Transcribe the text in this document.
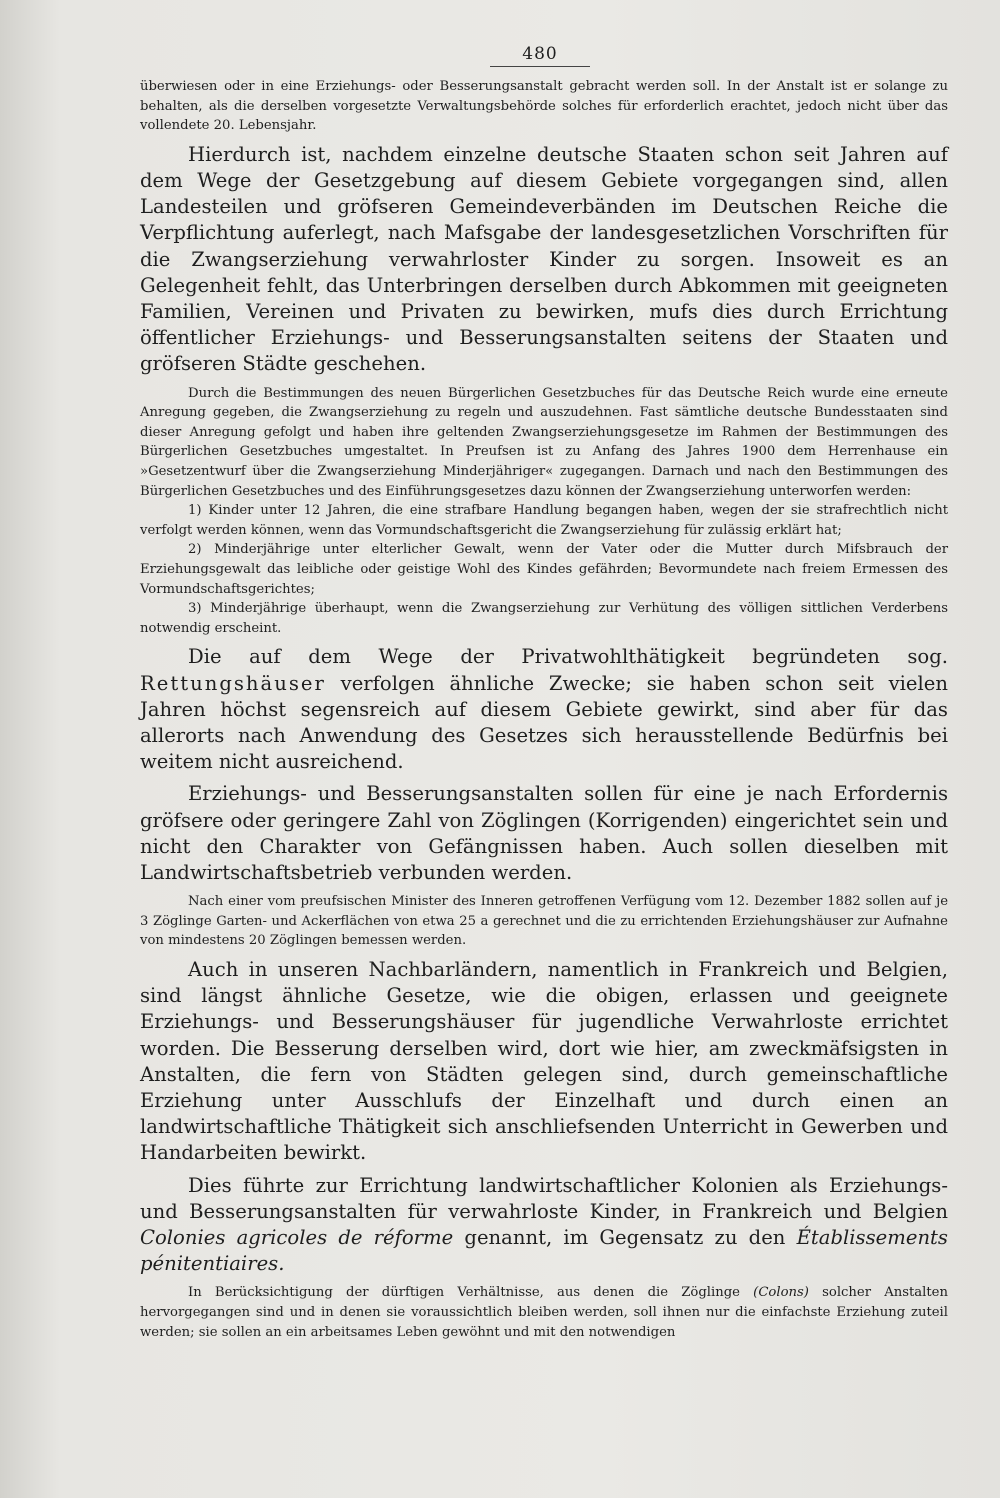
480

überwiesen oder in eine Erziehungs- oder Besserungsanstalt gebracht werden soll. In der Anstalt ist er solange zu behalten, als die derselben vorgesetzte Verwaltungsbehörde solches für erforderlich erachtet, jedoch nicht über das vollendete 20. Lebensjahr.

Hierdurch ist, nachdem einzelne deutsche Staaten schon seit Jahren auf dem Wege der Gesetzgebung auf diesem Gebiete vorgegangen sind, allen Landesteilen und gröfseren Gemeindeverbänden im Deutschen Reiche die Verpflichtung auferlegt, nach Mafsgabe der landesgesetzlichen Vorschriften für die Zwangserziehung verwahrloster Kinder zu sorgen. Insoweit es an Gelegenheit fehlt, das Unterbringen derselben durch Abkommen mit geeigneten Familien, Vereinen und Privaten zu bewirken, mufs dies durch Errichtung öffentlicher Erziehungs- und Besserungsanstalten seitens der Staaten und gröfseren Städte geschehen.

Durch die Bestimmungen des neuen Bürgerlichen Gesetzbuches für das Deutsche Reich wurde eine erneute Anregung gegeben, die Zwangserziehung zu regeln und auszudehnen. Fast sämtliche deutsche Bundesstaaten sind dieser Anregung gefolgt und haben ihre geltenden Zwangserziehungsgesetze im Rahmen der Bestimmungen des Bürgerlichen Gesetzbuches umgestaltet. In Preufsen ist zu Anfang des Jahres 1900 dem Herrenhause ein »Gesetzentwurf über die Zwangserziehung Minderjähriger« zugegangen. Darnach und nach den Bestimmungen des Bürgerlichen Gesetzbuches und des Einführungsgesetzes dazu können der Zwangserziehung unterworfen werden:

1) Kinder unter 12 Jahren, die eine strafbare Handlung begangen haben, wegen der sie strafrechtlich nicht verfolgt werden können, wenn das Vormundschaftsgericht die Zwangserziehung für zulässig erklärt hat;

2) Minderjährige unter elterlicher Gewalt, wenn der Vater oder die Mutter durch Mifsbrauch der Erziehungsgewalt das leibliche oder geistige Wohl des Kindes gefährden; Bevormundete nach freiem Ermessen des Vormundschaftsgerichtes;

3) Minderjährige überhaupt, wenn die Zwangserziehung zur Verhütung des völligen sittlichen Verderbens notwendig erscheint.

Die auf dem Wege der Privatwohlthätigkeit begründeten sog. Rettungshäuser verfolgen ähnliche Zwecke; sie haben schon seit vielen Jahren höchst segensreich auf diesem Gebiete gewirkt, sind aber für das allerorts nach Anwendung des Gesetzes sich herausstellende Bedürfnis bei weitem nicht ausreichend.

Erziehungs- und Besserungsanstalten sollen für eine je nach Erfordernis gröfsere oder geringere Zahl von Zöglingen (Korrigenden) eingerichtet sein und nicht den Charakter von Gefängnissen haben. Auch sollen dieselben mit Landwirtschaftsbetrieb verbunden werden.

Nach einer vom preufsischen Minister des Inneren getroffenen Verfügung vom 12. Dezember 1882 sollen auf je 3 Zöglinge Garten- und Ackerflächen von etwa 25 a gerechnet und die zu errichtenden Erziehungshäuser zur Aufnahne von mindestens 20 Zöglingen bemessen werden.

Auch in unseren Nachbarländern, namentlich in Frankreich und Belgien, sind längst ähnliche Gesetze, wie die obigen, erlassen und geeignete Erziehungs- und Besserungshäuser für jugendliche Verwahrloste errichtet worden. Die Besserung derselben wird, dort wie hier, am zweckmäfsigsten in Anstalten, die fern von Städten gelegen sind, durch gemeinschaftliche Erziehung unter Ausschlufs der Einzelhaft und durch einen an landwirtschaftliche Thätigkeit sich anschliefsenden Unterricht in Gewerben und Handarbeiten bewirkt.

Dies führte zur Errichtung landwirtschaftlicher Kolonien als Erziehungs- und Besserungsanstalten für verwahrloste Kinder, in Frankreich und Belgien Colonies agricoles de réforme genannt, im Gegensatz zu den Établissements pénitentiaires.

In Berücksichtigung der dürftigen Verhältnisse, aus denen die Zöglinge (Colons) solcher Anstalten hervorgegangen sind und in denen sie voraussichtlich bleiben werden, soll ihnen nur die einfachste Erziehung zuteil werden; sie sollen an ein arbeitsames Leben gewöhnt und mit den notwendigen
